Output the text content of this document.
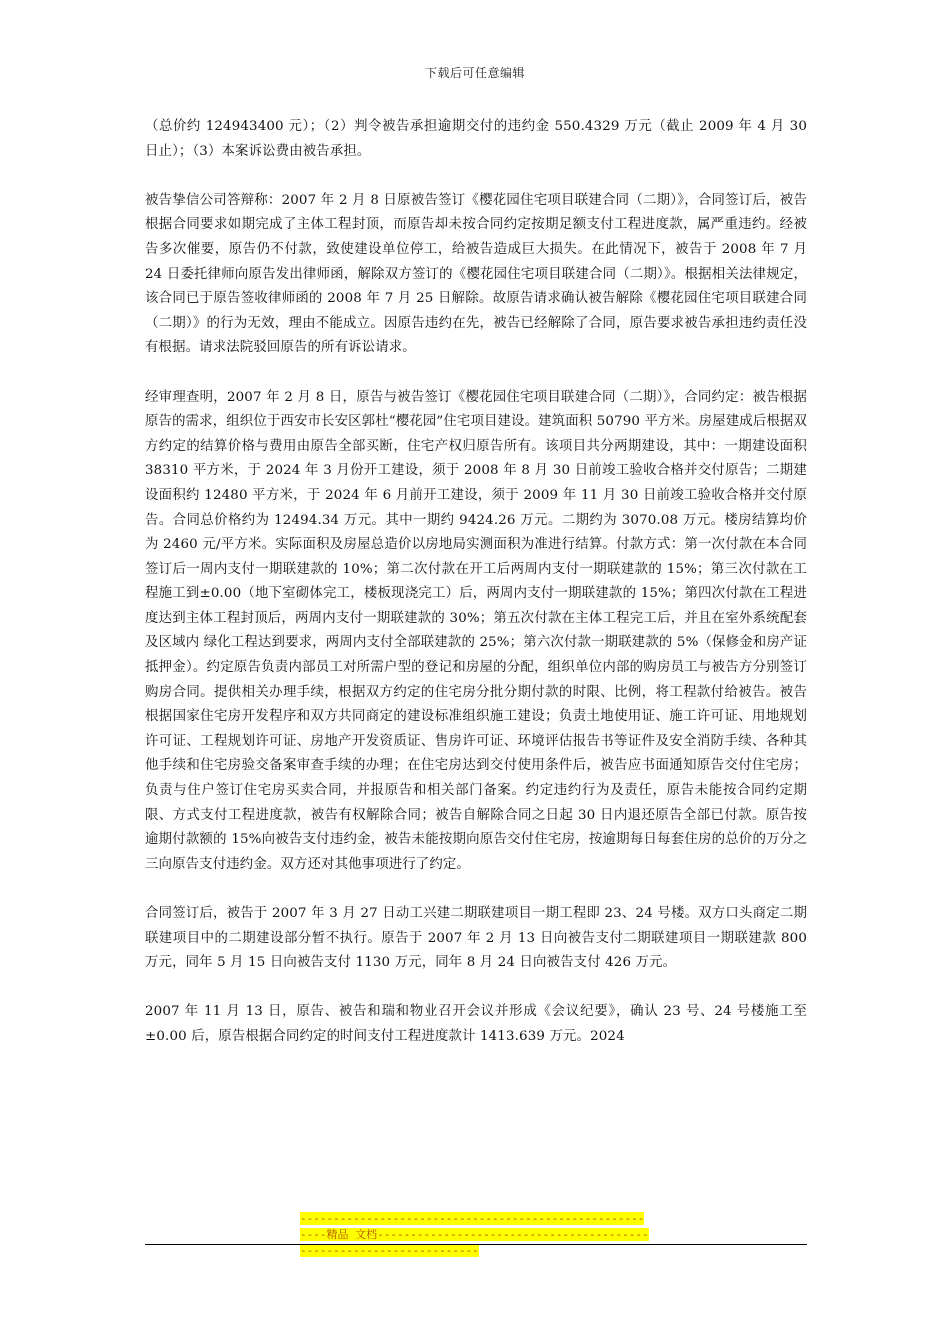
下载后可任意编辑

（总价约 124943400 元）；（2）判令被告承担逾期交付的违约金 550.4329 万元（截止 2009 年 4 月 30 日止）；（3）本案诉讼费由被告承担。

被告挚信公司答辩称：2007 年 2 月 8 日原被告签订《樱花园住宅项目联建合同（二期）》，合同签订后，被告根据合同要求如期完成了主体工程封顶，而原告却未按合同约定按期足额支付工程进度款，属严重违约。经被告多次催要，原告仍不付款，致使建设单位停工，给被告造成巨大损失。在此情况下，被告于 2008 年 7 月 24 日委托律师向原告发出律师函，解除双方签订的《樱花园住宅项目联建合同（二期）》。根据相关法律规定，该合同已于原告签收律师函的 2008 年 7 月 25 日解除。故原告请求确认被告解除《樱花园住宅项目联建合同（二期）》的行为无效，理由不能成立。因原告违约在先，被告已经解除了合同，原告要求被告承担违约责任没有根据。请求法院驳回原告的所有诉讼请求。

经审理查明，2007 年 2 月 8 日，原告与被告签订《樱花园住宅项目联建合同（二期）》，合同约定：被告根据原告的需求，组织位于西安市长安区郭杜“樱花园”住宅项目建设。建筑面积 50790 平方米。房屋建成后根据双方约定的结算价格与费用由原告全部买断，住宅产权归原告所有。该项目共分两期建设，其中：一期建设面积 38310 平方米，于 2024 年 3 月份开工建设，须于 2008 年 8 月 30 日前竣工验收合格并交付原告；二期建设面积约 12480 平方米，于 2024 年 6 月前开工建设，须于 2009 年 11 月 30 日前竣工验收合格并交付原告。合同总价格约为 12494.34 万元。其中一期约 9424.26 万元。二期约为 3070.08 万元。楼房结算均价为 2460 元/平方米。实际面积及房屋总造价以房地局实测面积为准进行结算。付款方式：第一次付款在本合同签订后一周内支付一期联建款的 10%；第二次付款在开工后两周内支付一期联建款的 15%；第三次付款在工程施工到±0.00（地下室砌体完工，楼板现浇完工）后，两周内支付一期联建款的 15%；第四次付款在工程进度达到主体工程封顶后，两周内支付一期联建款的 30%；第五次付款在主体工程完工后，并且在室外系统配套及区域内 绿化工程达到要求，两周内支付全部联建款的 25%；第六次付款一期联建款的 5%（保修金和房产证抵押金）。约定原告负责内部员工对所需户型的登记和房屋的分配，组织单位内部的购房员工与被告方分别签订购房合同。提供相关办理手续，根据双方约定的住宅房分批分期付款的时限、比例，将工程款付给被告。被告根据国家住宅房开发程序和双方共同商定的建设标准组织施工建设；负责土地使用证、施工许可证、用地规划许可证、工程规划许可证、房地产开发资质证、售房许可证、环境评估报告书等证件及安全消防手续、各种其他手续和住宅房验交备案审查手续的办理；在住宅房达到交付使用条件后，被告应书面通知原告交付住宅房；负责与住户签订住宅房买卖合同，并报原告和相关部门备案。约定违约行为及责任，原告未能按合同约定期限、方式支付工程进度款，被告有权解除合同；被告自解除合同之日起 30 日内退还原告全部已付款。原告按逾期付款额的 15%向被告支付违约金，被告未能按期向原告交付住宅房，按逾期每日每套住房的总价的万分之三向原告支付违约金。双方还对其他事项进行了约定。

合同签订后，被告于 2007 年 3 月 27 日动工兴建二期联建项目一期工程即 23、24 号楼。双方口头商定二期联建项目中的二期建设部分暂不执行。原告于 2007 年 2 月 13 日向被告支付二期联建项目一期联建款 800 万元，同年 5 月 15 日向被告支付 1130 万元，同年 8 月 24 日向被告支付 426 万元。

2007 年 11 月 13 日，原告、被告和瑞和物业召开会议并形成《会议纪要》，确认 23 号、24 号楼施工至±0.00 后，原告根据合同约定的时间支付工程进度款计 1413.639 万元。2024

--------------------------------------------------------精品 文档--------------------------------------------------------------------
